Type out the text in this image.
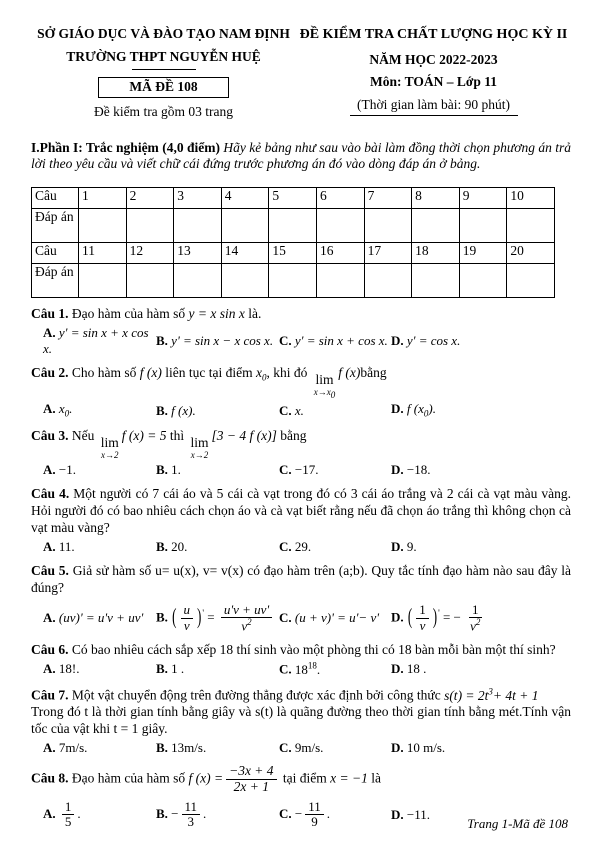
SỞ GIÁO DỤC VÀ ĐÀO TẠO NAM ĐỊNH
TRƯỜNG THPT NGUYỄN HUỆ
MÃ ĐỀ 108
Đề kiểm tra gồm 03 trang
ĐỀ KIỂM TRA CHẤT LƯỢNG HỌC KỲ II
NĂM HỌC 2022-2023
Môn: TOÁN – Lớp 11
(Thời gian làm bài: 90 phút)

I.Phần I: Trắc nghiệm (4,0 điểm) Hãy kẻ bảng như sau vào bài làm đồng thời chọn phương án trả lời theo yêu cầu và viết chữ cái đứng trước phương án đó vào dòng đáp án ở bảng.

Câu	1	2	3	4	5	6	7	8	9	10
Đáp án										
Câu	11	12	13	14	15	16	17	18	19	20
Đáp án										
Câu 1. Đạo hàm của hàm số y = x sin x là.
A. y' = sin x + x cos x.
B. y' = sin x − x cos x. C. y' = sin x + cos x. D. y' = cos x.
Câu 2. Cho hàm số f (x) liên tục tại điểm $x_0$, khi đó lim
$x\to x_0$
f (x)bằng
A. $x_0$.	B. f (x).	C. x.	D. f $(x_0)$.
Câu 3. Nếu lim
x→2
f (x) = 5 thì lim
x→2
[3 − 4 f (x)] bằng
A. −1.	B. 1.	C. −17.	D. −18.
Câu 4. Một người có 7 cái áo và 5 cái cà vạt trong đó có 3 cái áo trắng và 2 cái cà vạt màu vàng. Hỏi người đó có bao nhiêu cách chọn áo và cà vạt biết rằng nếu đã chọn áo trắng thì không chọn cà vạt màu vàng?
A. 11.	B. 20.	C. 29.	D. 9.
Câu 5. Giả sử hàm số u= u(x), v= v(x) có đạo hàm trên (a;b). Quy tắc tính đạo hàm nào sau đây là đúng?
A. (uv)' = u'v + uv' B. ( $\frac{u}{v} )' = \frac{u'v + uv'}{v^2} C$. (u + v)' = u'− v' D. ( $\frac{1}{v} )'$ = − $\frac{1}{v^2}$
Câu 6. Có bao nhiêu cách sắp xếp 18 thí sinh vào một phòng thi có 18 bàn mỗi bàn một thí sinh?
A. 18!.	B. 1 .	C. $18^{18}$.	D. 18 .
Câu 7. Một vật chuyển động trên đường thẳng được xác định bởi công thức $s(t) = 2t^3+ 4t + 1$
Trong đó t là thời gian tính bằng giây và s(t) là quãng đường theo thời gian tính bằng mét.Tính vận tốc của vật khi t = 1 giây.
A. 7m/s.	B. 13m/s.	C. 9m/s.	D. 10 m/s.
Câu 8. Đạo hàm của hàm số f $(x) = \frac{-3x + 4}{2x + 1}$ tại điểm x = −1 là
A. $\frac{1}{5}$ .	B. − $\frac{11}{3}$ .	C. − $\frac{11}{9}$ .	D. −11.
Trang 1-Mã đề 108
